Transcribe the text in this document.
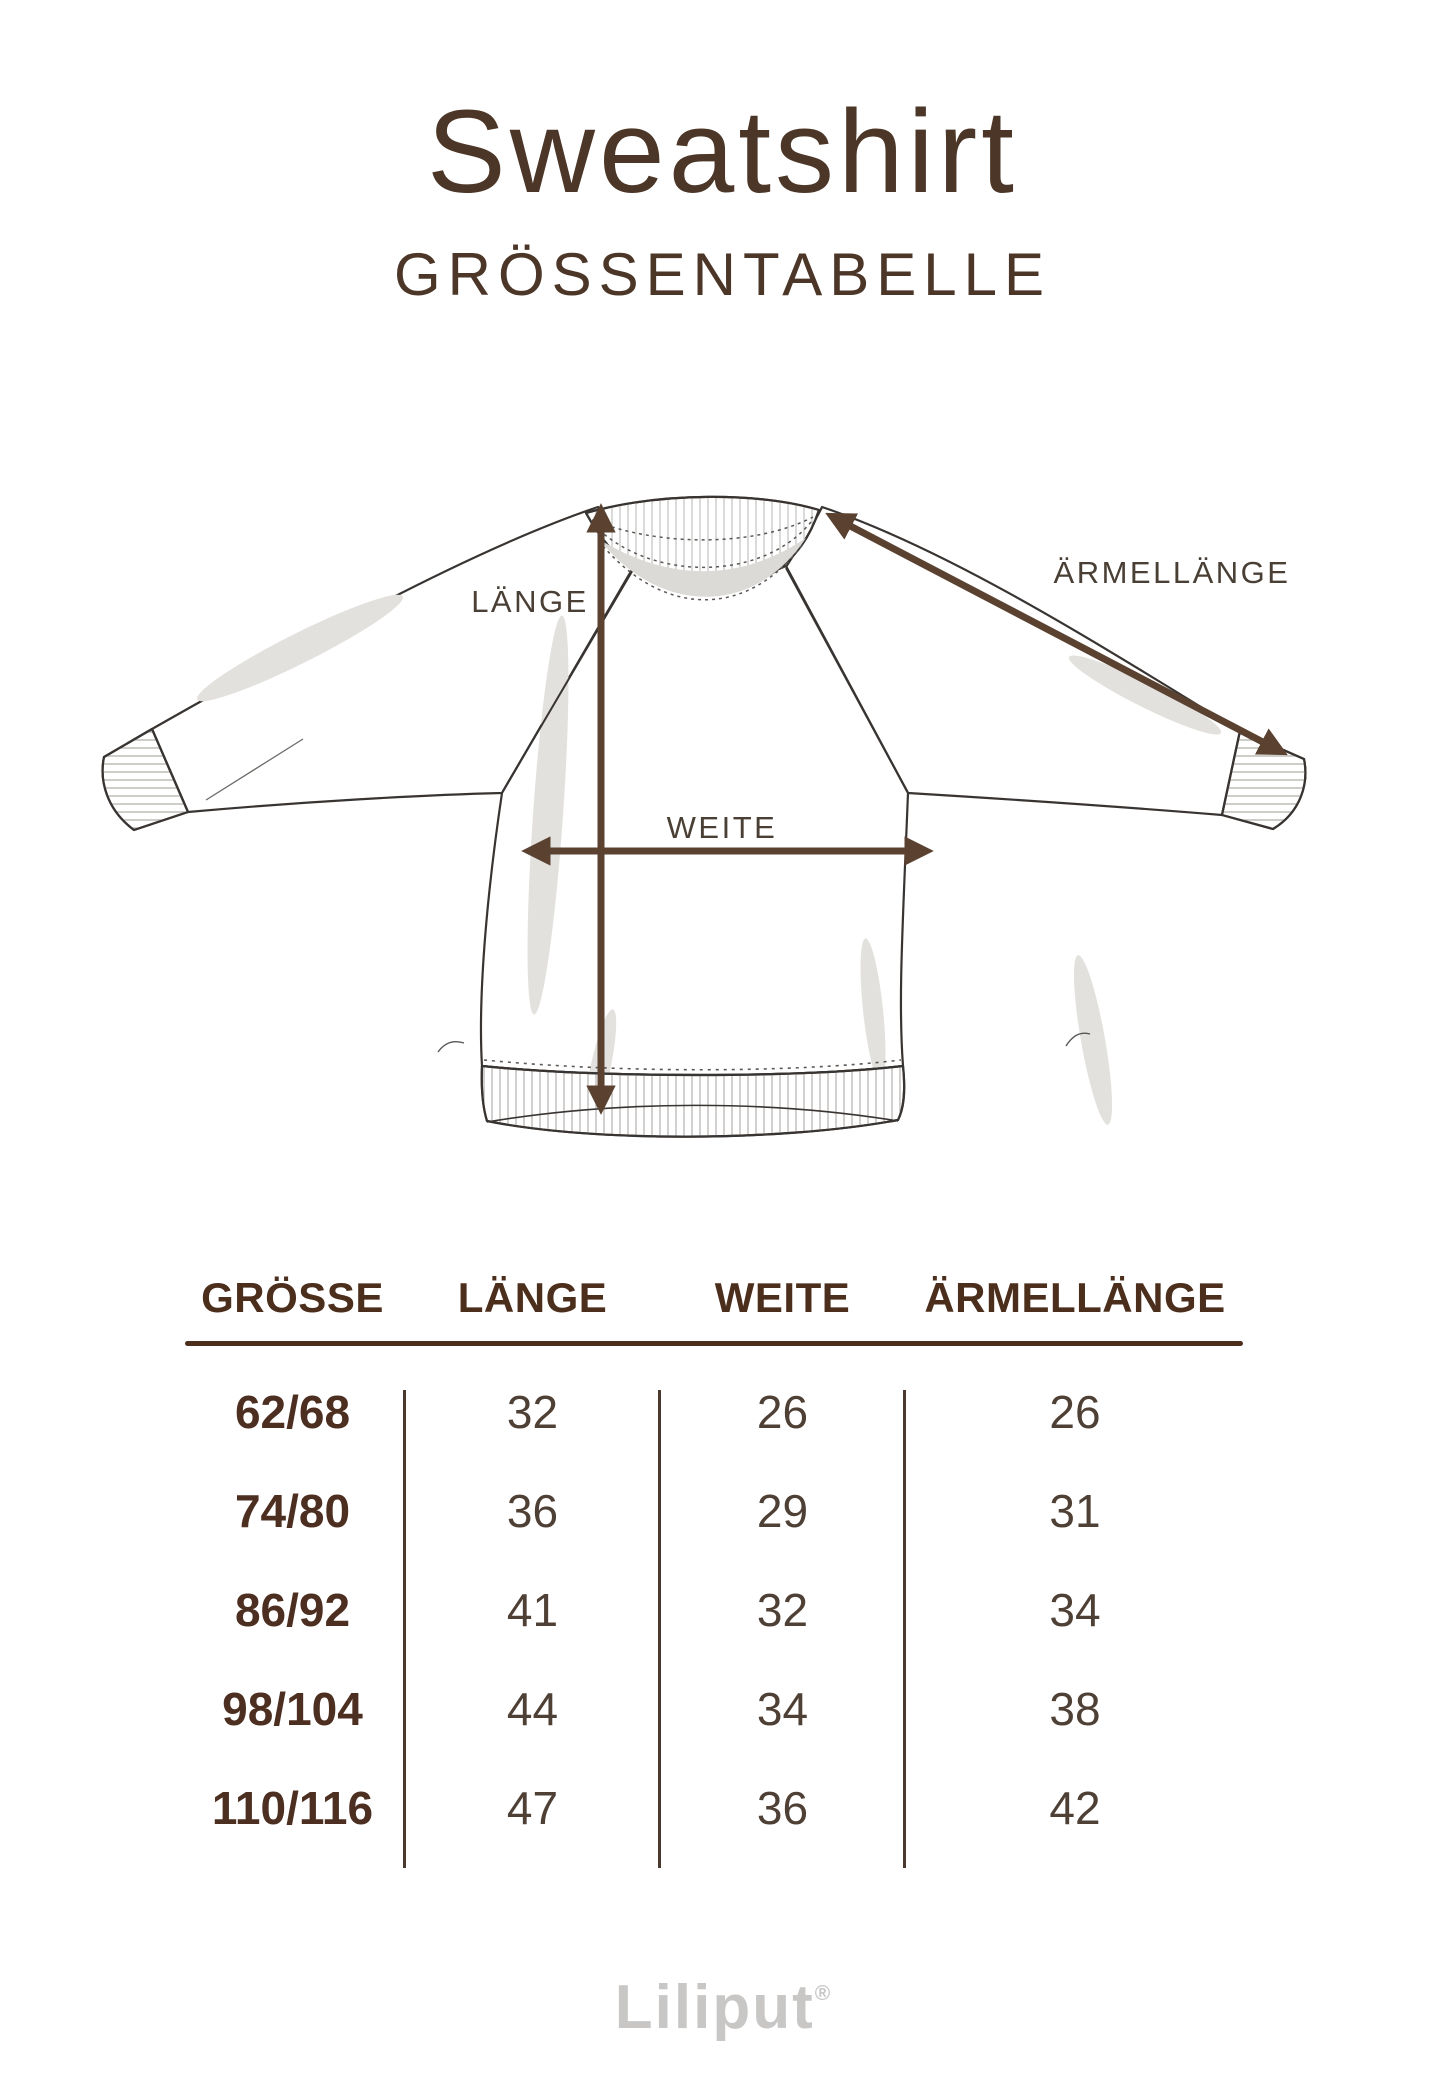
Sweatshirt
GRÖSSENTABELLE
LÄNGE
WEITE
ÄRMELLÄNGE
GRÖSSE	LÄNGE	WEITE	ÄRMELLÄNGE
62/68	32	26	26
74/80	36	29	31
86/92	41	32	34
98/104	44	34	38
110/116	47	36	42
Liliput®
